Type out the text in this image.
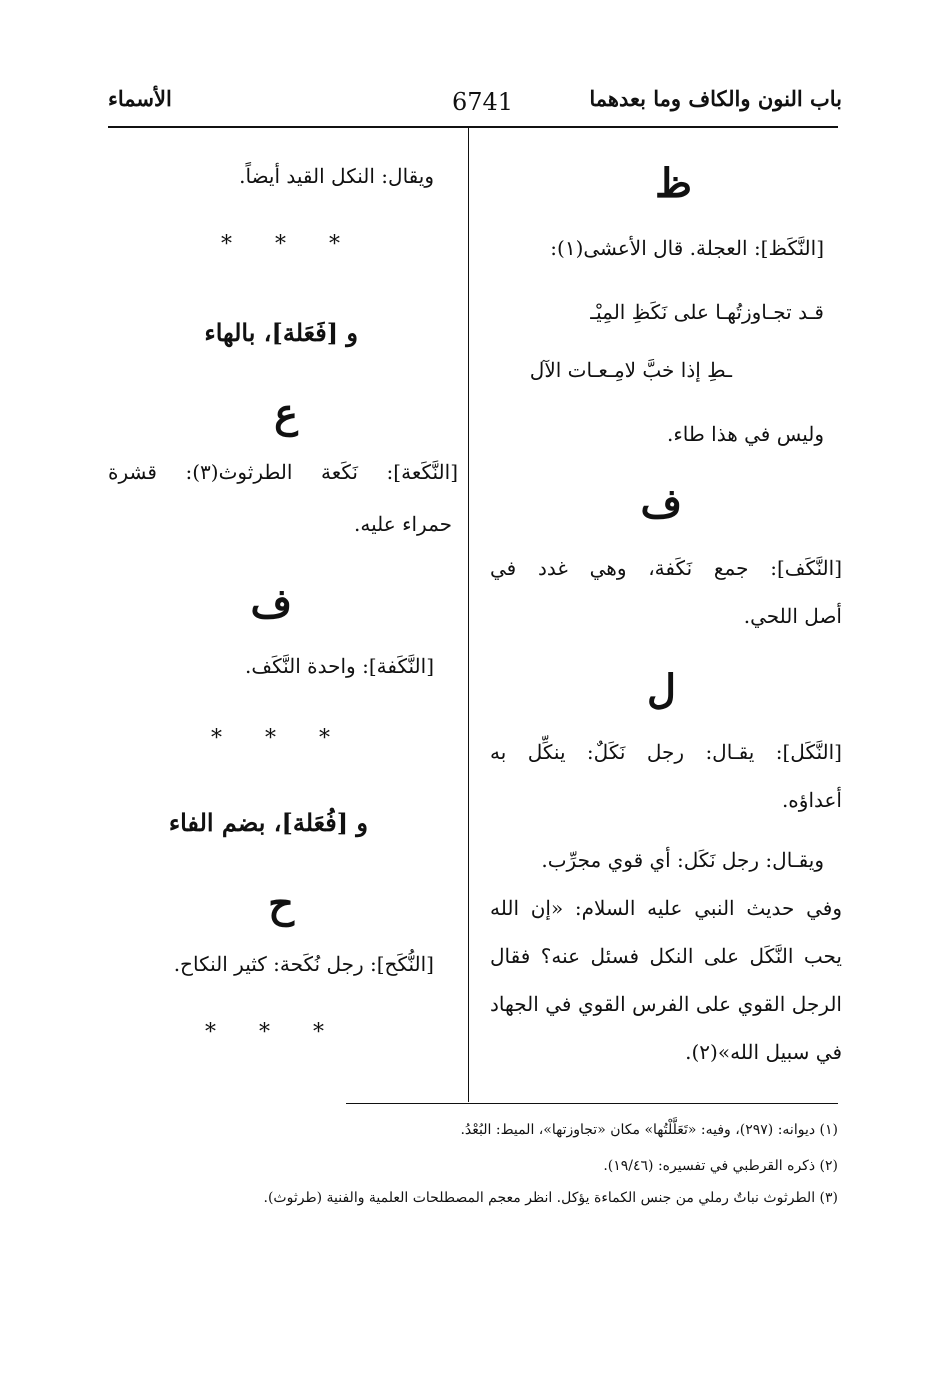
باب النون والكاف وما بعدهما
6741
الأسماء
ظ
[النَّكَظ]: العجلة. قال الأعشى(١):
قـد تجـاوزتُهـا على نَكَظِ المِيْـ
ـطِ إذا خبَّ لامِـعـات الآل
وليس في هذا طاء.
ف
[النَّكَف]: جمع نَكَفة، وهي غدد في
أصل اللحي.
ل
[النَّكَل]: يقـال: رجل نَكَلٌ: ينكِّل به
أعداؤه.
ويقـال: رجل نَكَل: أي قوي مجرِّب.
وفي حديث النبي عليه السلام: «إن الله
يحب النَّكَل على النكل فسئل عنه؟ فقال
الرجل القوي على الفرس القوي في الجهاد
في سبيل الله»(٢).
ويقال: النكل القيد أيضاً.
* * *
و [فَعَلة]، بالهاء
ع
[النَّكَعة]: نَكَعة الطرثوث(٣): قشرة
حمراء عليه.
ف
[النَّكَفة]: واحدة النَّكَف.
* * *
و [فُعَلة]، بضم الفاء
ح
[النُّكَح]: رجل نُكَحة: كثير النكاح.
* * *
(١) ديوانه: (٢٩٧)، وفيه: «تَعَلَّلْتُها» مكان «تجاوزتها»، الميط: البُعْدُ.
(٢) ذكره القرطبي في تفسيره: (١٩/٤٦).
(٣) الطرثوث نباتٌ رملي من جنس الكماءة يؤكل. انظر معجم المصطلحات العلمية والفنية (طرثوث).
